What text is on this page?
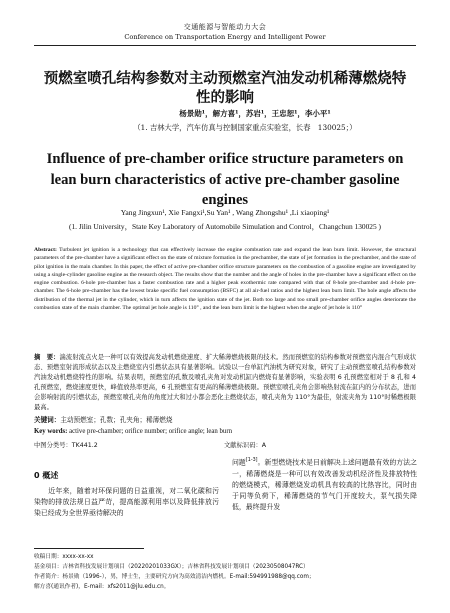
交通能源与智能动力大会
Conference on Transportation Energy and Intelligent Power
预燃室喷孔结构参数对主动预燃室汽油发动机稀薄燃烧特性的影响
杨景勋¹，解方喜¹，苏岩¹，王忠恕¹，李小平¹
（1. 吉林大学，汽车仿真与控制国家重点实验室，长春　130025；）
Influence of pre-chamber orifice structure parameters on lean burn characteristics of active pre-chamber gasoline engines
Yang Jingxun¹, Xie Fangxi¹,Su Yan¹ , Wang Zhongshu¹ ,Li xiaoping¹
(1. Jilin University，State Key Laboratory of Automobile Simulation and Control，Changchun 130025 )
Abstract: Turbulent jet ignition is a technology that can effectively increase the engine combustion rate and expand the lean burn limit. However, the structural parameters of the pre-chamber have a significant effect on the state of mixture formation in the prechamber, the state of jet formation in the prechamber, and the state of pilot ignition in the main chamber. In this paper, the effect of active pre-chamber orifice structure parameters on the combustion of a gasoline engine are investigated by using a single-cylinder gasoline engine as the research object. The results show that the number and the angle of holes in the pre-chamber have a significant effect on the engine combustion. 6-hole pre-chamber has a faster combustion rate and a higher peak exothermic rate compared with that of 8-hole pre-chamber and 4-hole pre-chamber. The 6-hole pre-chamber has the lowest brake specific fuel consumption (BSFC) at all air-fuel ratios and the highest lean burn limit. The hole angle affects the distribution of the thermal jet in the cylinder, which in turn affects the ignition state of the jet. Both too large and too small pre-chamber orifice angles deteriorate the combustion state of the main chamber. The optimal jet hole angle is 110° , and the lean burn limit is the highest when the angle of jet hole is 110°
摘　要：湍流射流点火是一种可以有效提高发动机燃烧速度、扩大稀薄燃烧极限的技术。然而预燃室的结构参数对预燃室内混合气形成状态、预燃室射流形成状态以及主燃烧室内引燃状态具有显著影响。试验以一台单缸汽油机为研究对象，研究了主动预燃室喷孔结构参数对汽油发动机燃烧特性的影响。结果表明，预燃室的孔数及喷孔夹角对发动机缸内燃烧有显著影响，实验表明 6 孔预燃室相对于 8 孔和 4 孔预燃室，燃烧速度更快，峰值放热率更高，6 孔预燃室有更高的稀薄燃烧极限。预燃室喷孔夹角会影响热射流在缸内的分布状态，进而会影响射流的引燃状态，预燃室喷孔夹角的角度过大和过小都会恶化主燃烧状态，喷孔夹角为 110°为最佳，射流夹角为 110°时稀燃极限最高。
关键词：主动预燃室；孔数；孔夹角；稀薄燃烧
Key words: active pre-chamber; orifice number; orifice angle; lean burn
中图分类号：TK441.2	文献标识码：A
0 概述
近年来，随着对环保问题的日益重视，对二氧化碳和污染物的排放法规日益严苛，提高能源利用率以及降低排放污染已经成为全世界亟待解决的
问题[1-3]。新型燃烧技术是目前解决上述问题最有效的方法之一，稀薄燃烧是一种可以有效改善发动机经济性及排放特性的燃烧模式，稀薄燃烧发动机具有较高的比热容比，同时由于同等负荷下，稀薄燃烧的节气门开度较大，泵气损失降低，最终提升发
收稿日期：xxxx-xx-xx
基金项目：吉林省科技发展计划项目（20220201033GX）；吉林省科技发展计划项目（20230508047RC）
作者简介：杨景勋（1996-），男，博士生，主要研究方向为高效清洁内燃机。E-mail:594991988@qq.com；
解方喜(通讯作者)，E-mail：xfs2011@jlu.edu.cn。
